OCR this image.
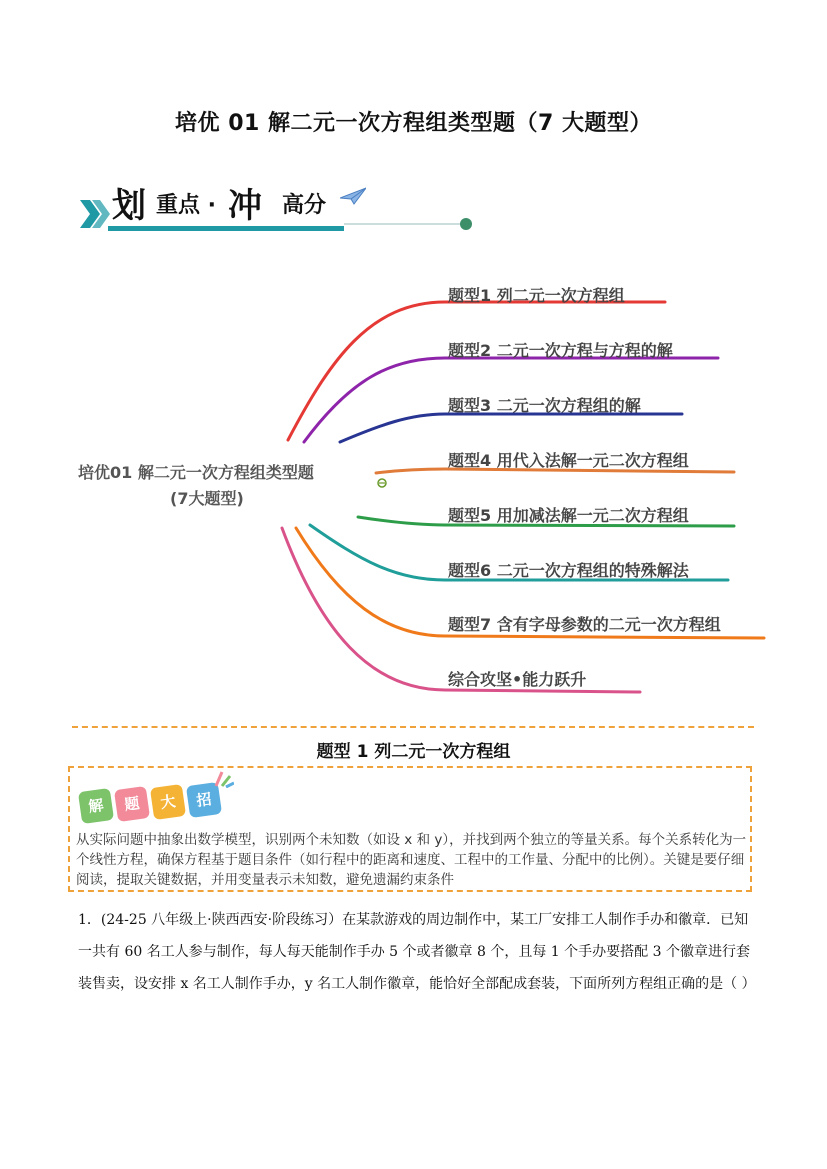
培优 01 解二元一次方程组类型题（7 大题型）
划 重点 · 冲 高分
培优01 解二元一次方程组类型题
(7大题型)
题型1 列二元一次方程组
题型2 二元一次方程与方程的解
题型3 二元一次方程组的解
题型4 用代入法解一元二次方程组
题型5 用加减法解一元二次方程组
题型6 二元一次方程组的特殊解法
题型7 含有字母参数的二元一次方程组
综合攻坚•能力跃升
题型 1 列二元一次方程组
解	题	大	招
从实际问题中抽象出数学模型，识别两个未知数（如设 x 和 y），并找到两个独立的等量关系。每个关系转化为一个线性方程，确保方程基于题目条件（如行程中的距离和速度、工程中的工作量、分配中的比例）。关键是要仔细阅读，提取关键数据，并用变量表示未知数，避免遗漏约束条件
1．(24-25 八年级上·陕西西安·阶段练习）在某款游戏的周边制作中，某工厂安排工人制作手办和徽章．已知一共有 60 名工人参与制作，每人每天能制作手办 5 个或者徽章 8 个，且每 1 个手办要搭配 3 个徽章进行套装售卖，设安排 x 名工人制作手办，y 名工人制作徽章，能恰好全部配成套装，下面所列方程组正确的是（ ）
